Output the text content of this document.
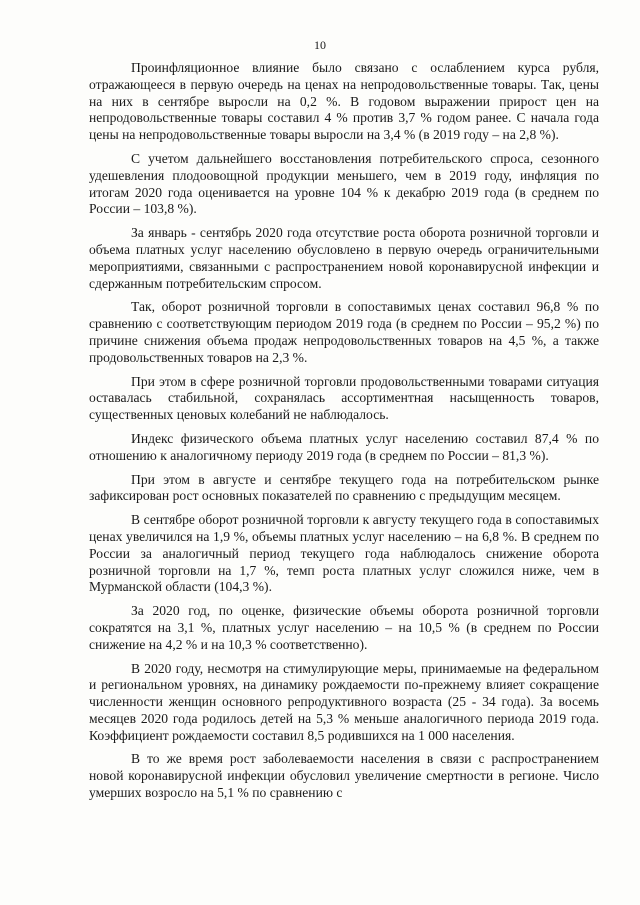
10

Проинфляционное влияние было связано с ослаблением курса рубля, отражающееся в первую очередь на ценах на непродовольственные товары. Так, цены на них в сентябре выросли на 0,2 %. В годовом выражении прирост цен на непродовольственные товары составил 4 % против 3,7 % годом ранее. С начала года цены на непродовольственные товары выросли на 3,4 % (в 2019 году – на 2,8 %).

С учетом дальнейшего восстановления потребительского спроса, сезонного удешевления плодоовощной продукции меньшего, чем в 2019 году, инфляция по итогам 2020 года оценивается на уровне 104 % к декабрю 2019 года (в среднем по России – 103,8 %).

За январь - сентябрь 2020 года отсутствие роста оборота розничной торговли и объема платных услуг населению обусловлено в первую очередь ограничительными мероприятиями, связанными с распространением новой коронавирусной инфекции и сдержанным потребительским спросом.

Так, оборот розничной торговли в сопоставимых ценах составил 96,8 % по сравнению с соответствующим периодом 2019 года (в среднем по России – 95,2 %) по причине снижения объема продаж непродовольственных товаров на 4,5 %, а также продовольственных товаров на 2,3 %.

При этом в сфере розничной торговли продовольственными товарами ситуация оставалась стабильной, сохранялась ассортиментная насыщенность товаров, существенных ценовых колебаний не наблюдалось.

Индекс физического объема платных услуг населению составил 87,4 % по отношению к аналогичному периоду 2019 года (в среднем по России – 81,3 %).

При этом в августе и сентябре текущего года на потребительском рынке зафиксирован рост основных показателей по сравнению с предыдущим месяцем.

В сентябре оборот розничной торговли к августу текущего года в сопоставимых ценах увеличился на 1,9 %, объемы платных услуг населению – на 6,8 %. В среднем по России за аналогичный период текущего года наблюдалось снижение оборота розничной торговли на 1,7 %, темп роста платных услуг сложился ниже, чем в Мурманской области (104,3 %).

За 2020 год, по оценке, физические объемы оборота розничной торговли сократятся на 3,1 %, платных услуг населению – на 10,5 % (в среднем по России снижение на 4,2 % и на 10,3 % соответственно).

В 2020 году, несмотря на стимулирующие меры, принимаемые на федеральном и региональном уровнях, на динамику рождаемости по-прежнему влияет сокращение численности женщин основного репродуктивного возраста (25 - 34 года). За восемь месяцев 2020 года родилось детей на 5,3 % меньше аналогичного периода 2019 года. Коэффициент рождаемости составил 8,5 родившихся на 1 000 населения.

В то же время рост заболеваемости населения в связи с распространением новой коронавирусной инфекции обусловил увеличение смертности в регионе. Число умерших возросло на 5,1 % по сравнению с
